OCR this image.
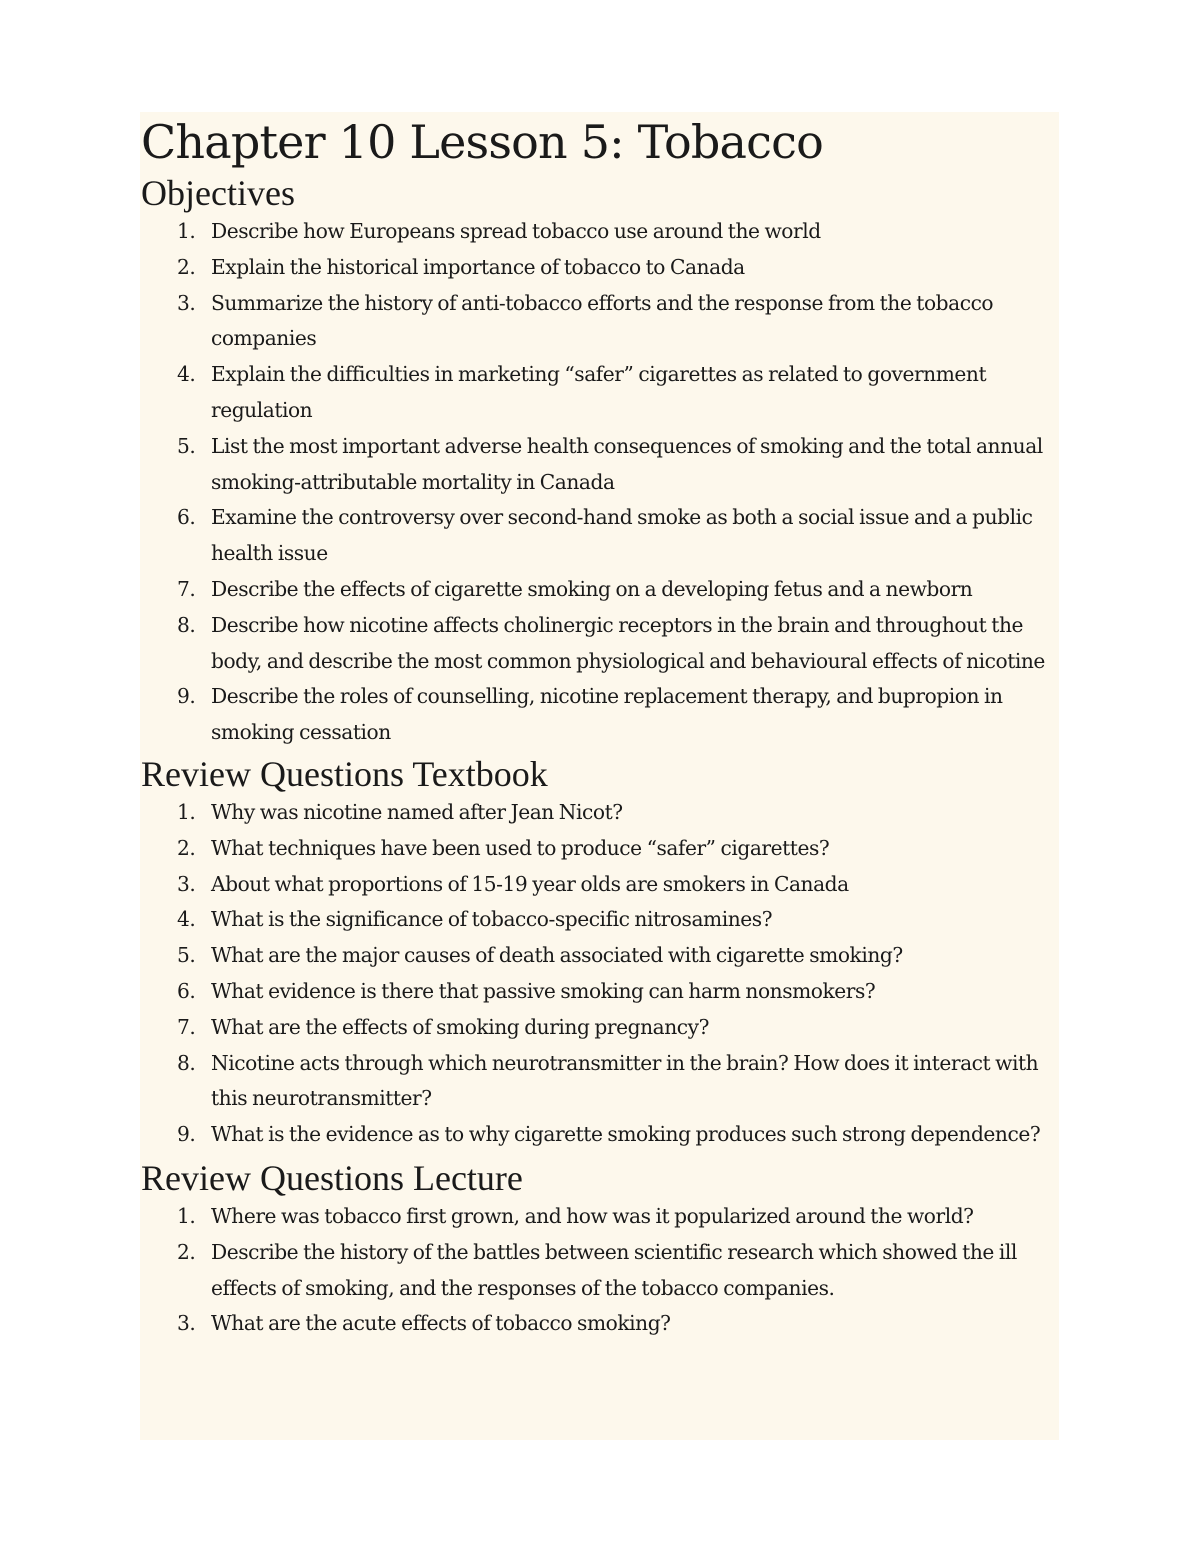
Chapter 10 Lesson 5: Tobacco
Objectives
1. Describe how Europeans spread tobacco use around the world
2. Explain the historical importance of tobacco to Canada
3. Summarize the history of anti-tobacco efforts and the response from the tobacco companies
4. Explain the difficulties in marketing “safer” cigarettes as related to government regulation
5. List the most important adverse health consequences of smoking and the total annual smoking-attributable mortality in Canada
6. Examine the controversy over second-hand smoke as both a social issue and a public health issue
7. Describe the effects of cigarette smoking on a developing fetus and a newborn
8. Describe how nicotine affects cholinergic receptors in the brain and throughout the body, and describe the most common physiological and behavioural effects of nicotine
9. Describe the roles of counselling, nicotine replacement therapy, and bupropion in smoking cessation
Review Questions Textbook
1. Why was nicotine named after Jean Nicot?
2. What techniques have been used to produce “safer” cigarettes?
3. About what proportions of 15-19 year olds are smokers in Canada
4. What is the significance of tobacco-specific nitrosamines?
5. What are the major causes of death associated with cigarette smoking?
6. What evidence is there that passive smoking can harm nonsmokers?
7. What are the effects of smoking during pregnancy?
8. Nicotine acts through which neurotransmitter in the brain? How does it interact with this neurotransmitter?
9. What is the evidence as to why cigarette smoking produces such strong dependence?
Review Questions Lecture
1. Where was tobacco first grown, and how was it popularized around the world?
2. Describe the history of the battles between scientific research which showed the ill effects of smoking, and the responses of the tobacco companies.
3. What are the acute effects of tobacco smoking?
